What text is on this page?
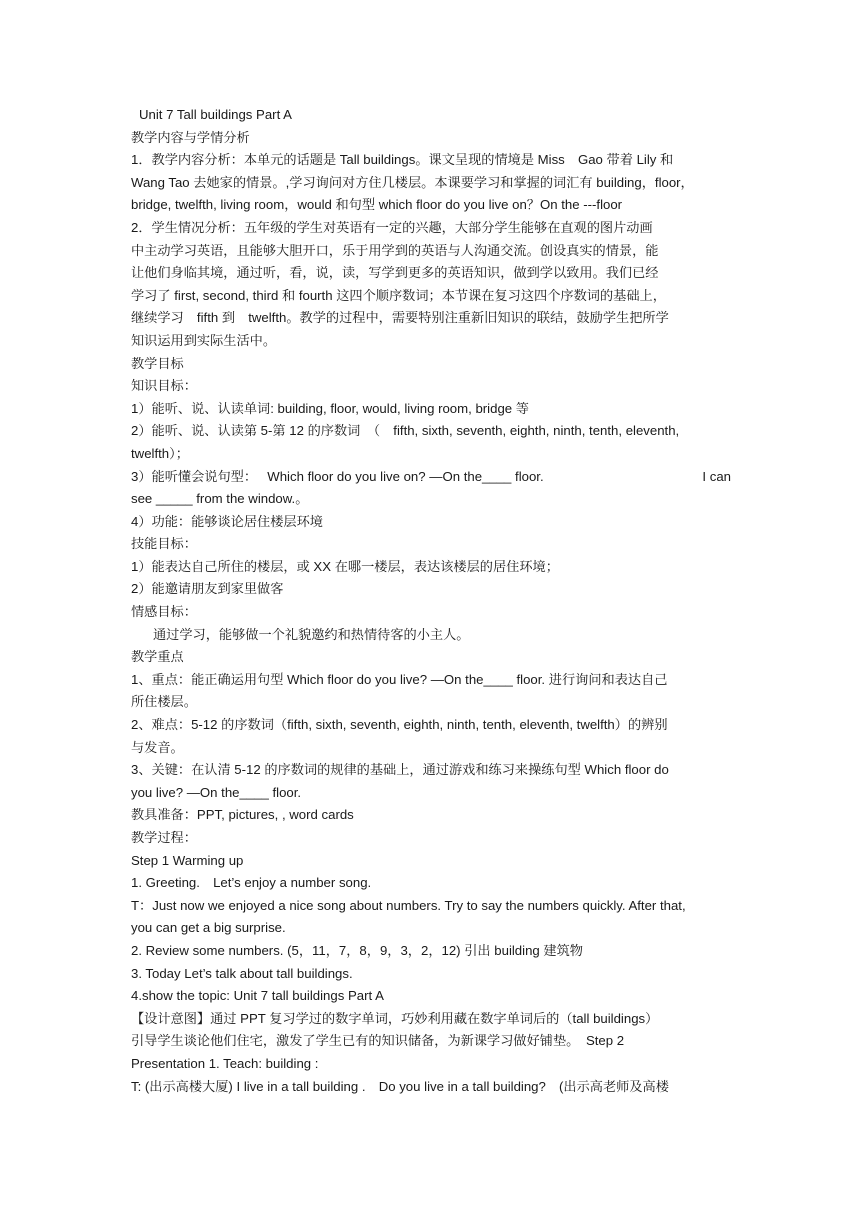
Unit 7 Tall buildings Part A
教学内容与学情分析
1．教学内容分析：本单元的话题是 Tall buildings。课文呈现的情境是 Miss　Gao 带着 Lily 和
Wang Tao 去她家的情景。,学习询问对方住几楼层。本课要学习和掌握的词汇有 building，floor，
bridge, twelfth, living room，would 和句型 which floor do you live on？On the ---floor
2．学生情况分析：五年级的学生对英语有一定的兴趣，大部分学生能够在直观的图片动画
中主动学习英语，且能够大胆开口，乐于用学到的英语与人沟通交流。创设真实的情景，能
让他们身临其境，通过听，看，说，读，写学到更多的英语知识，做到学以致用。我们已经
学习了 first, second, third 和 fourth 这四个顺序数词；本节课在复习这四个序数词的基础上，
继续学习　fifth 到　twelfth。教学的过程中，需要特别注重新旧知识的联结，鼓励学生把所学
知识运用到实际生活中。
教学目标
知识目标：
1）能听、说、认读单词: building, floor, would, living room, bridge 等
2）能听、说、认读第 5-第 12 的序数词　（　fifth, sixth, seventh, eighth, ninth, tenth, eleventh,
twelfth）；
3）能听懂会说句型：　 Which floor do you live on? —On the____ floor.	I can
see _____ from the window.。
4）功能：能够谈论居住楼层环境
技能目标：
1）能表达自己所住的楼层，或 XX 在哪一楼层，表达该楼层的居住环境；
2）能邀请朋友到家里做客
情感目标：
通过学习，能够做一个礼貌邀约和热情待客的小主人。
教学重点
1、重点：能正确运用句型 Which floor do you live? —On the____ floor. 进行询问和表达自己
所住楼层。
2、难点：5-12 的序数词（fifth, sixth, seventh, eighth, ninth, tenth, eleventh, twelfth）的辨别
与发音。
3、关键：在认清 5-12 的序数词的规律的基础上，通过游戏和练习来操练句型 Which floor do
you live? —On the____ floor.
教具准备：PPT, pictures, , word cards
教学过程：
Step 1 Warming up
1. Greeting.　Let’s enjoy a number song.
T：Just now we enjoyed a nice song about numbers. Try to say the numbers quickly. After that,
you can get a big surprise.
2. Review some numbers. (5，11，7，8，9，3，2，12) 引出 building 建筑物
3. Today Let’s talk about tall buildings.
4.show the topic: Unit 7 tall buildings Part A
【设计意图】通过 PPT 复习学过的数字单词，巧妙利用藏在数字单词后的（tall buildings）
引导学生谈论他们住宅，激发了学生已有的知识储备，为新课学习做好铺垫。　Step 2
Presentation 1. Teach: building :
T: (出示高楼大厦) I live in a tall building .　Do you live in a tall building?　(出示高老师及高楼
